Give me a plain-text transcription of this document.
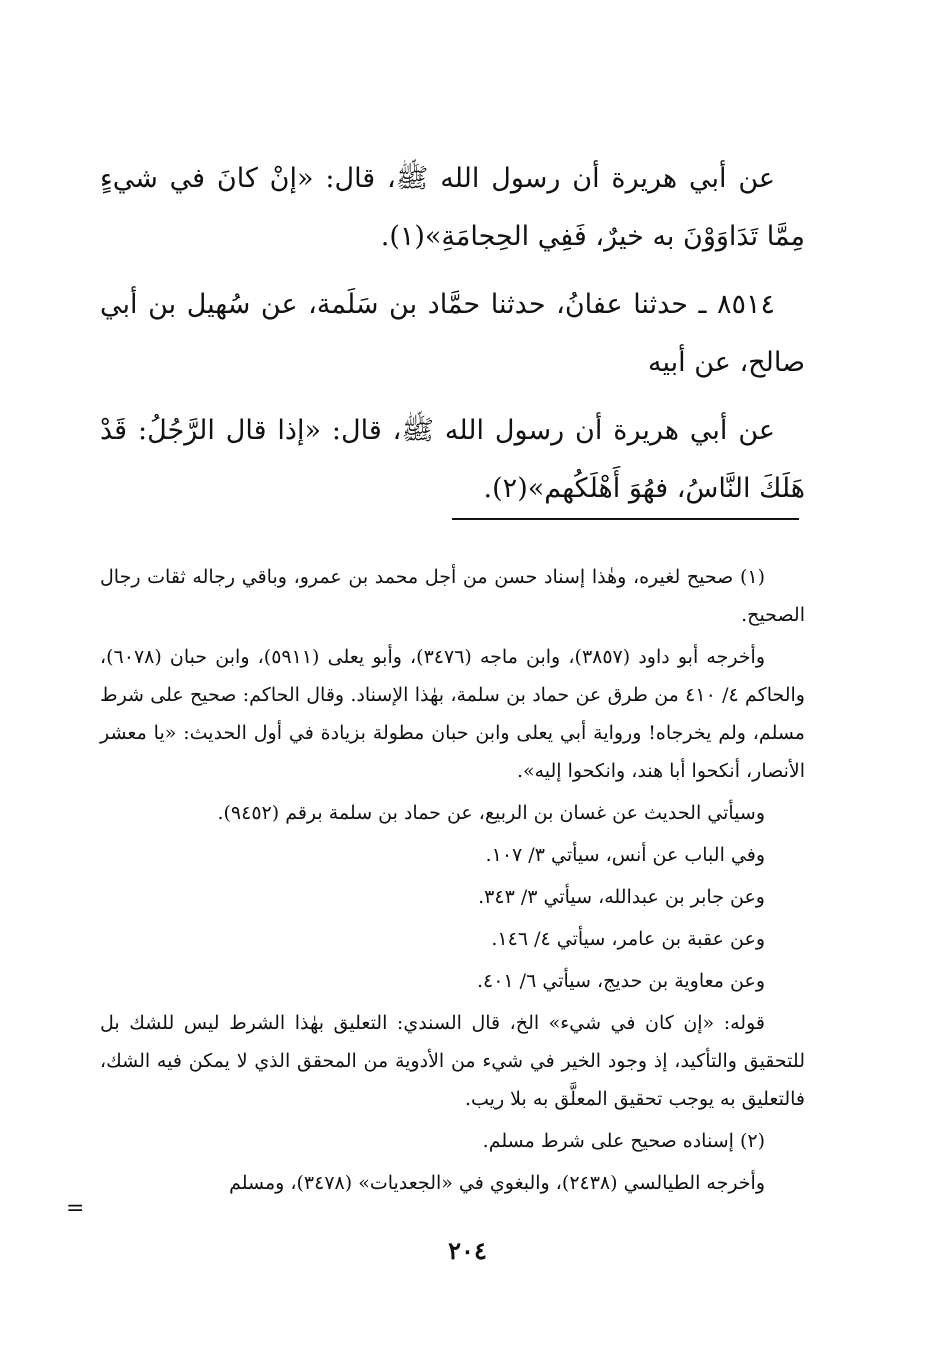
عن أبي هريرة أن رسول الله ﷺ، قال: «إنْ كانَ في شيءٍ مِمَّا تَدَاوَوْنَ به خيرٌ، فَفِي الحِجامَةِ»(١).

٨٥١٤ ـ حدثنا عفانُ، حدثنا حمَّاد بن سَلَمة، عن سُهيل بن أبي صالح، عن أبيه

عن أبي هريرة أن رسول الله ﷺ، قال: «إذا قال الرَّجُلُ: قَدْ هَلَكَ النَّاسُ، فهُوَ أَهْلَكُهم»(٢).

(١) صحيح لغيره، وهٰذا إسناد حسن من أجل محمد بن عمرو، وباقي رجاله ثقات رجال الصحيح.

وأخرجه أبو داود (٣٨٥٧)، وابن ماجه (٣٤٧٦)، وأبو يعلى (٥٩١١)، وابن حبان (٦٠٧٨)، والحاكم ٤/ ٤١٠ من طرق عن حماد بن سلمة، بهٰذا الإسناد. وقال الحاكم: صحيح على شرط مسلم، ولم يخرجاه! ورواية أبي يعلى وابن حبان مطولة بزيادة في أول الحديث: «يا معشر الأنصار، أنكحوا أبا هند، وانكحوا إليه».

وسيأتي الحديث عن غسان بن الربيع، عن حماد بن سلمة برقم (٩٤٥٢).

وفي الباب عن أنس، سيأتي ٣/ ١٠٧.

وعن جابر بن عبدالله، سيأتي ٣/ ٣٤٣.

وعن عقبة بن عامر، سيأتي ٤/ ١٤٦.

وعن معاوية بن حديج، سيأتي ٦/ ٤٠١.

قوله: «إن كان في شيء» الخ، قال السندي: التعليق بهٰذا الشرط ليس للشك بل للتحقيق والتأكيد، إذ وجود الخير في شيء من الأدوية من المحقق الذي لا يمكن فيه الشك، فالتعليق به يوجب تحقيق المعلَّق به بلا ريب.

(٢) إسناده صحيح على شرط مسلم.

وأخرجه الطيالسي (٢٤٣٨)، والبغوي في «الجعديات» (٣٤٧٨)، ومسلم

=
٢٠٤
